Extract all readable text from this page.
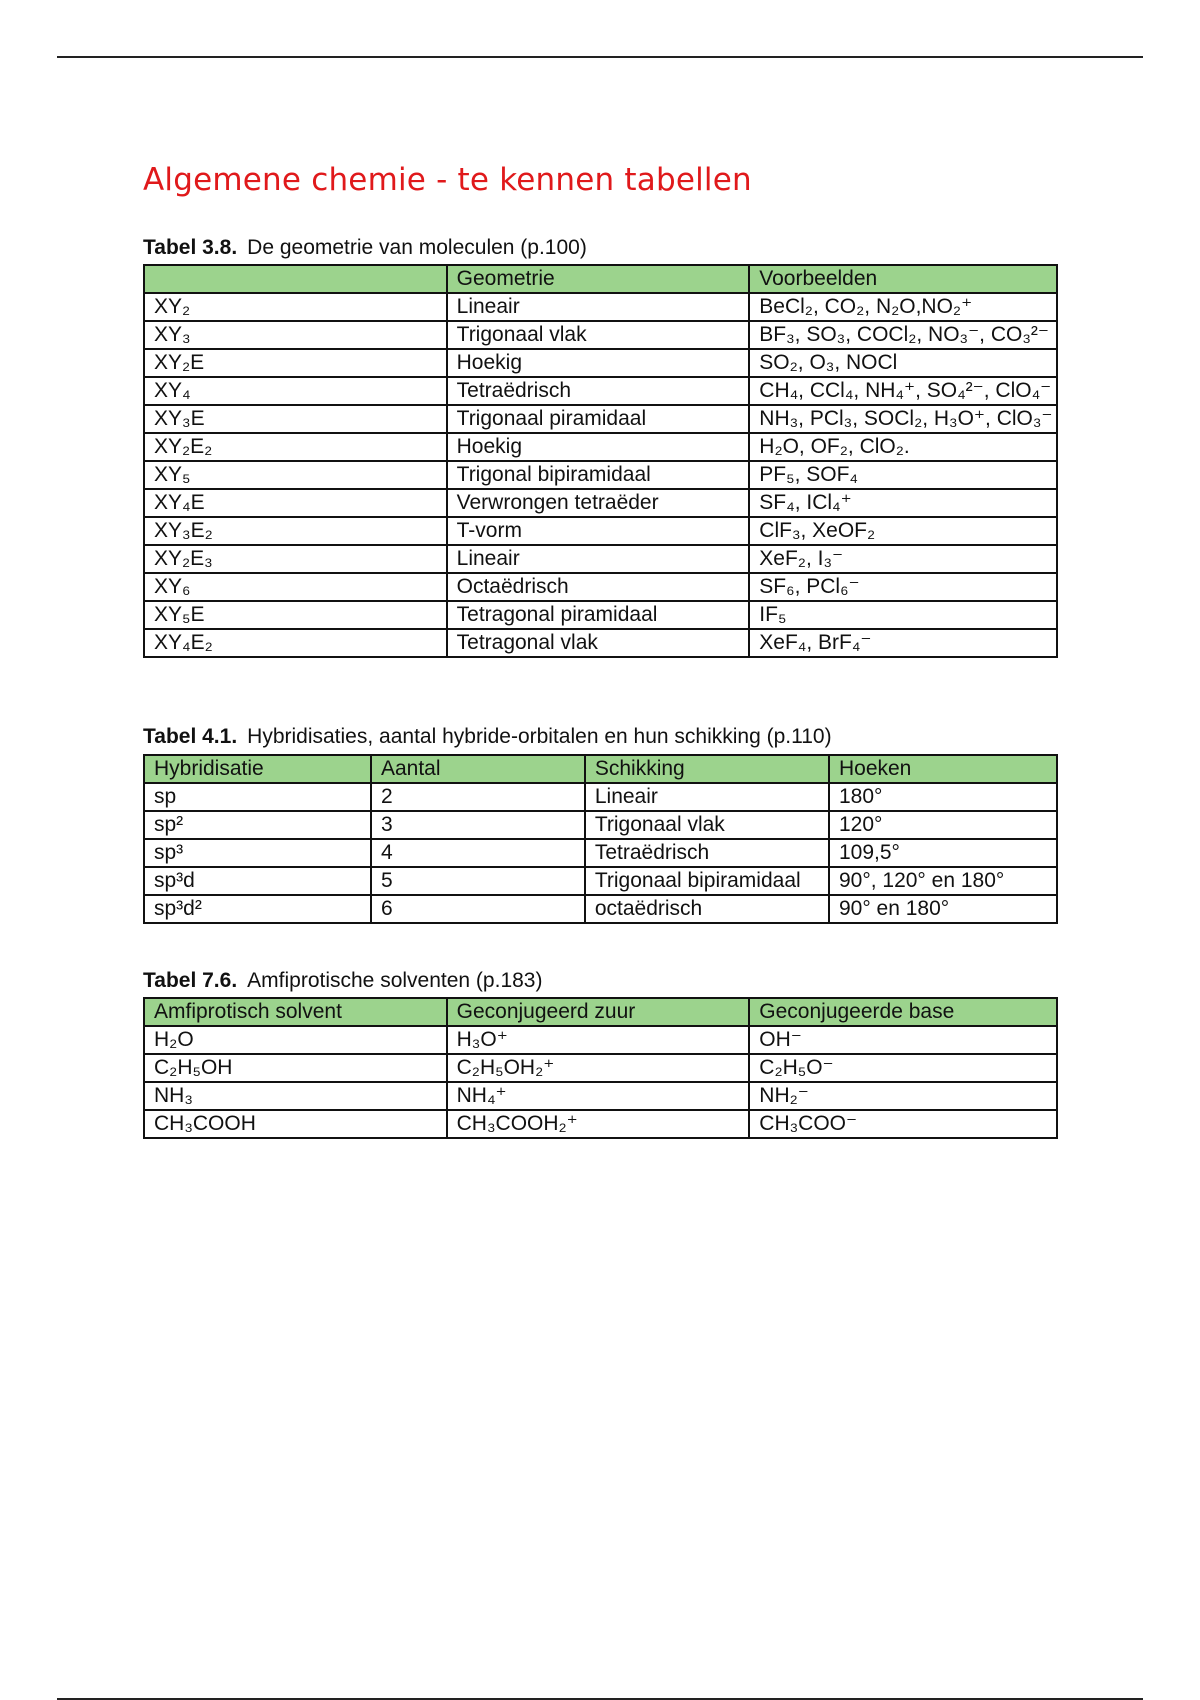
Algemene chemie - te kennen tabellen

Tabel 3.8. De geometrie van moleculen (p.100)

	Geometrie	Voorbeelden
XY₂	Lineair	BeCl₂, CO₂, N₂O,NO₂⁺
XY₃	Trigonaal vlak	BF₃, SO₃, COCl₂, NO₃⁻, CO₃²⁻
XY₂E	Hoekig	SO₂, O₃, NOCl
XY₄	Tetraëdrisch	CH₄, CCl₄, NH₄⁺, SO₄²⁻, ClO₄⁻
XY₃E	Trigonaal piramidaal	NH₃, PCl₃, SOCl₂, H₃O⁺, ClO₃⁻
XY₂E₂	Hoekig	H₂O, OF₂, ClO₂.
XY₅	Trigonal bipiramidaal	PF₅, SOF₄
XY₄E	Verwrongen tetraëder	SF₄, ICl₄⁺
XY₃E₂	T-vorm	ClF₃, XeOF₂
XY₂E₃	Lineair	XeF₂, I₃⁻
XY₆	Octaëdrisch	SF₆, PCl₆⁻
XY₅E	Tetragonal piramidaal	IF₅
XY₄E₂	Tetragonal vlak	XeF₄, BrF₄⁻

Tabel 4.1. Hybridisaties, aantal hybride-orbitalen en hun schikking (p.110)

Hybridisatie	Aantal	Schikking	Hoeken
sp	2	Lineair	180°
sp²	3	Trigonaal vlak	120°
sp³	4	Tetraëdrisch	109,5°
sp³d	5	Trigonaal bipiramidaal	90°, 120° en 180°
sp³d²	6	octaëdrisch	90° en 180°

Tabel 7.6. Amfiprotische solventen (p.183)

Amfiprotisch solvent	Geconjugeerd zuur	Geconjugeerde base
H₂O	H₃O⁺	OH⁻
C₂H₅OH	C₂H₅OH₂⁺	C₂H₅O⁻
NH₃	NH₄⁺	NH₂⁻
CH₃COOH	CH₃COOH₂⁺	CH₃COO⁻
